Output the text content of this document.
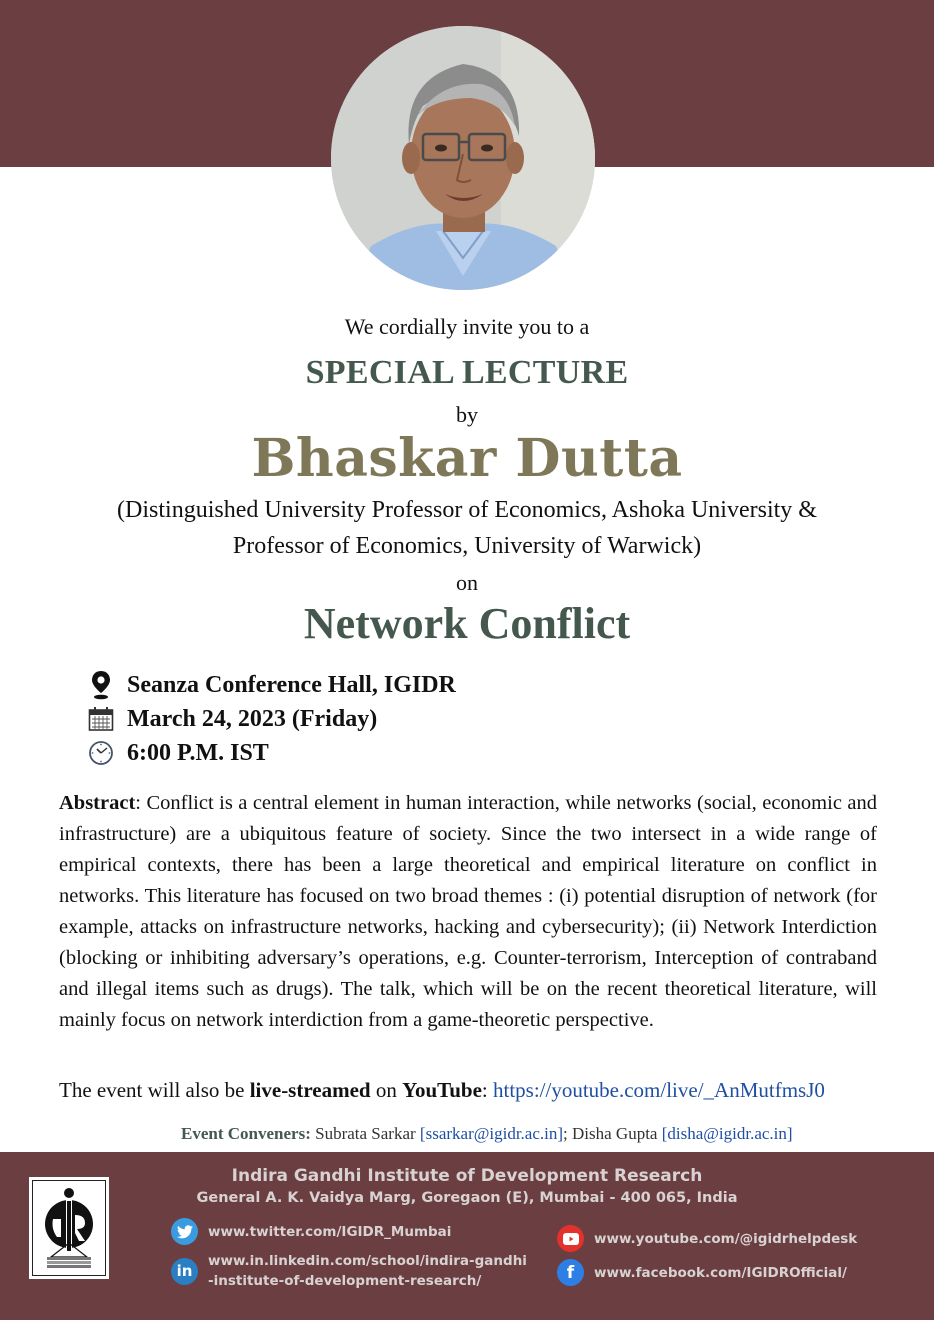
We cordially invite you to a
SPECIAL LECTURE
by
Bhaskar Dutta
(Distinguished University Professor of Economics, Ashoka University &
Professor of Economics, University of Warwick)
on
Network Conflict
Seanza Conference Hall, IGIDR
March 24, 2023 (Friday)
6:00 P.M. IST
Abstract: Conflict is a central element in human interaction, while networks (social, economic and infrastructure) are a ubiquitous feature of society. Since the two intersect in a wide range of empirical contexts, there has been a large theoretical and empirical literature on conflict in networks. This literature has focused on two broad themes : (i) potential disruption of network (for example, attacks on infrastructure networks, hacking and cybersecurity); (ii) Network Interdiction (blocking or inhibiting adversary’s operations, e.g. Counter-terrorism, Interception of contraband and illegal items such as drugs). The talk, which will be on the recent theoretical literature, will mainly focus on network interdiction from a game-theoretic perspective.
The event will also be live-streamed on YouTube: https://youtube.com/live/_AnMutfmsJ0
Event Conveners: Subrata Sarkar [ssarkar@igidr.ac.in]; Disha Gupta [disha@igidr.ac.in]
Indira Gandhi Institute of Development Research
General A. K. Vaidya Marg, Goregaon (E), Mumbai - 400 065, India
www.twitter.com/IGIDR_Mumbai
in
www.in.linkedin.com/school/indira-gandhi
-institute-of-development-research/
www.youtube.com/@igidrhelpdesk
f	www.facebook.com/IGIDROfficial/
